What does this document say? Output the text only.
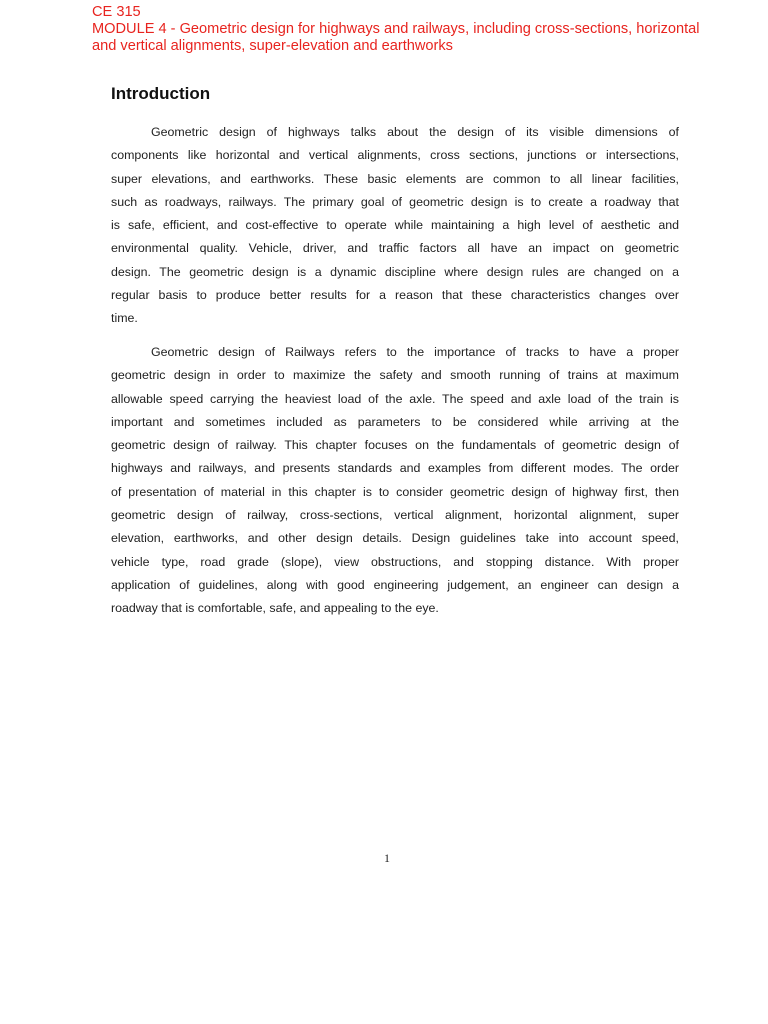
CE 315
MODULE 4 - Geometric design for highways and railways, including cross-sections, horizontal
and vertical alignments, super-elevation and earthworks
Introduction
Geometric design of highways talks about the design of its visible dimensions of
components like horizontal and vertical alignments, cross sections, junctions or intersections,
super elevations, and earthworks. These basic elements are common to all linear facilities,
such as roadways, railways. The primary goal of geometric design is to create a roadway that
is safe, efficient, and cost-effective to operate while maintaining a high level of aesthetic and
environmental quality. Vehicle, driver, and traffic factors all have an impact on geometric
design. The geometric design is a dynamic discipline where design rules are changed on a
regular basis to produce better results for a reason that these characteristics changes over
time.
Geometric design of Railways refers to the importance of tracks to have a proper
geometric design in order to maximize the safety and smooth running of trains at maximum
allowable speed carrying the heaviest load of the axle. The speed and axle load of the train is
important and sometimes included as parameters to be considered while arriving at the
geometric design of railway. This chapter focuses on the fundamentals of geometric design of
highways and railways, and presents standards and examples from different modes. The order
of presentation of material in this chapter is to consider geometric design of highway first, then
geometric design of railway, cross-sections, vertical alignment, horizontal alignment, super
elevation, earthworks, and other design details. Design guidelines take into account speed,
vehicle type, road grade (slope), view obstructions, and stopping distance. With proper
application of guidelines, along with good engineering judgement, an engineer can design a
roadway that is comfortable, safe, and appealing to the eye.
1
